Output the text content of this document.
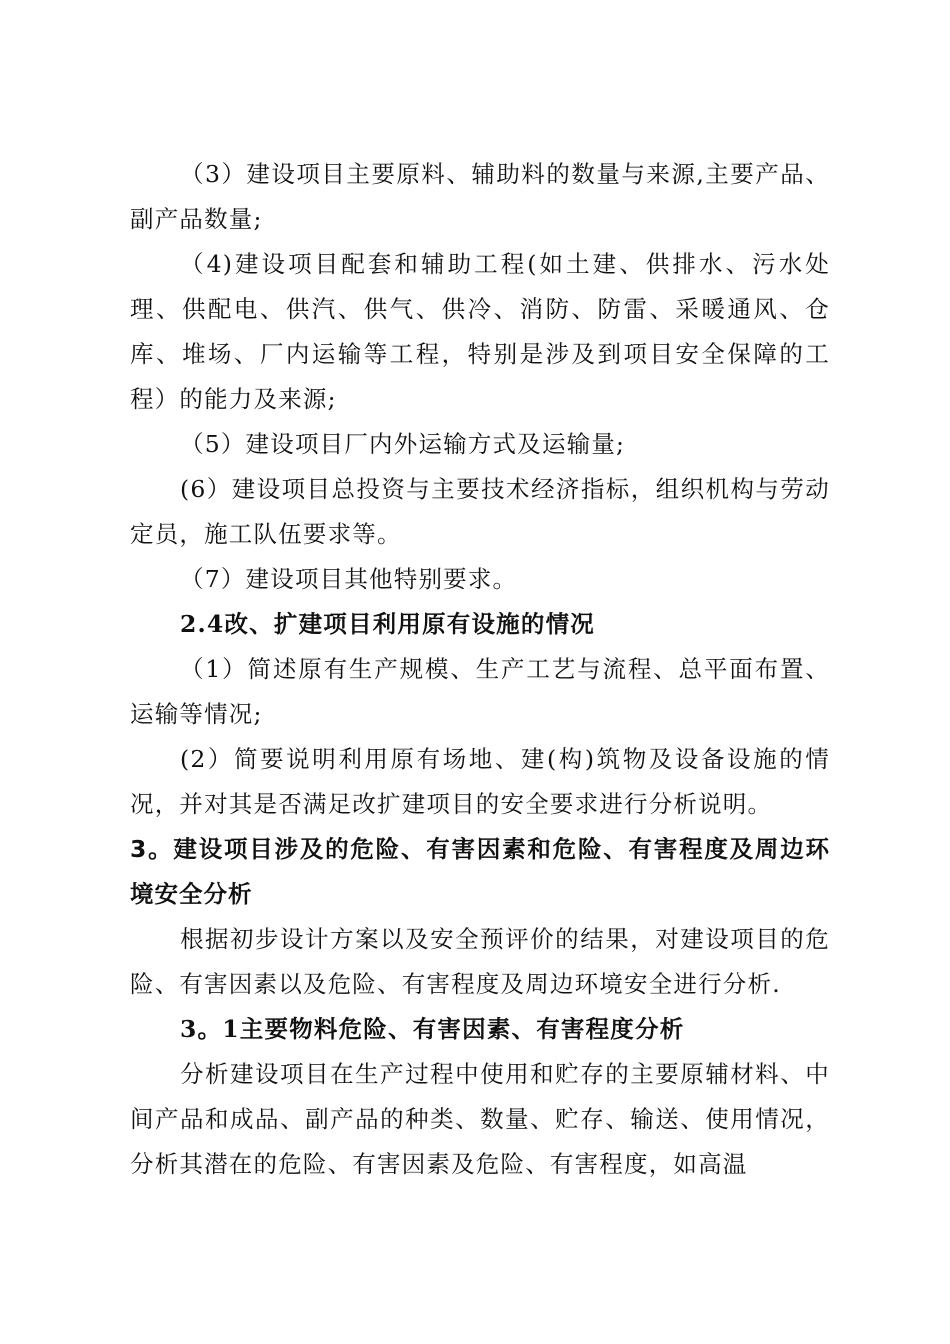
（3）建设项目主要原料、辅助料的数量与来源,主要产品、副产品数量;

（4)建设项目配套和辅助工程(如土建、供排水、污水处理、供配电、供汽、供气、供冷、消防、防雷、采暖通风、仓库、堆场、厂内运输等工程，特别是涉及到项目安全保障的工程）的能力及来源;

（5）建设项目厂内外运输方式及运输量;

(6）建设项目总投资与主要技术经济指标，组织机构与劳动定员，施工队伍要求等。

（7）建设项目其他特别要求。

2.4改、扩建项目利用原有设施的情况

（1）简述原有生产规模、生产工艺与流程、总平面布置、运输等情况;

(2）简要说明利用原有场地、建(构)筑物及设备设施的情况，并对其是否满足改扩建项目的安全要求进行分析说明。

3。建设项目涉及的危险、有害因素和危险、有害程度及周边环境安全分析

根据初步设计方案以及安全预评价的结果，对建设项目的危险、有害因素以及危险、有害程度及周边环境安全进行分析.

3。1主要物料危险、有害因素、有害程度分析

分析建设项目在生产过程中使用和贮存的主要原辅材料、中间产品和成品、副产品的种类、数量、贮存、输送、使用情况，分析其潜在的危险、有害因素及危险、有害程度，如高温
